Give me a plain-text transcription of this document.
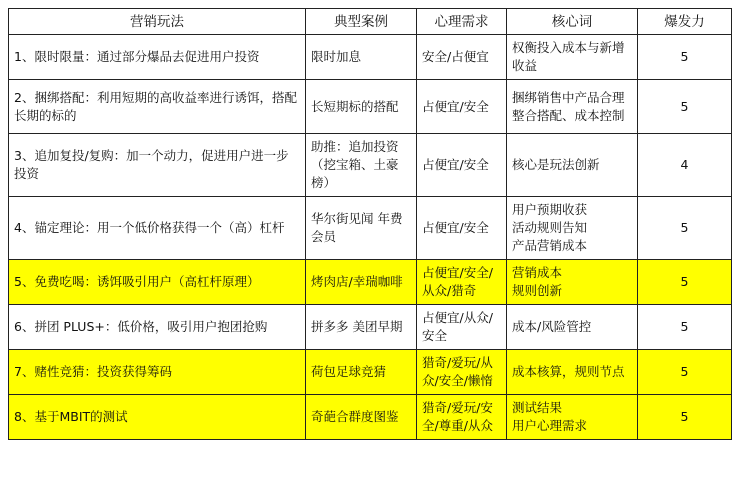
营销玩法	典型案例	心理需求	核心词	爆发力

1、限时限量：通过部分爆品去促进用户投资	限时加息	安全/占便宜	权衡投入成本与新增收益	5

2、捆绑搭配：利用短期的高收益率进行诱饵，搭配长期的标的	长短期标的搭配	占便宜/安全	捆绑销售中产品合理整合搭配、成本控制	5

3、追加复投/复购：加一个动力，促进用户进一步投资	助推：追加投资（挖宝箱、土豪榜）	占便宜/安全	核心是玩法创新	4

4、锚定理论：用一个低价格获得一个（高）杠杆	华尔街见闻 年费会员	占便宜/安全	用户预期收获
活动规则告知
产品营销成本	5

5、免费吃喝：诱饵吸引用户（高杠杆原理）	烤肉店/幸瑞咖啡	占便宜/安全/从众/猎奇	营销成本
规则创新	5

6、拼团 PLUS+：低价格，吸引用户抱团抢购	拼多多 美团早期	占便宜/从众/安全	成本/风险管控	5

7、赌性竞猜：投资获得筹码	荷包足球竞猜	猎奇/爱玩/从众/安全/懒惰	成本核算，规则节点	5

8、基于MBIT的测试	奇葩合群度图鉴	猎奇/爱玩/安全/尊重/从众	测试结果
用户心理需求	5
